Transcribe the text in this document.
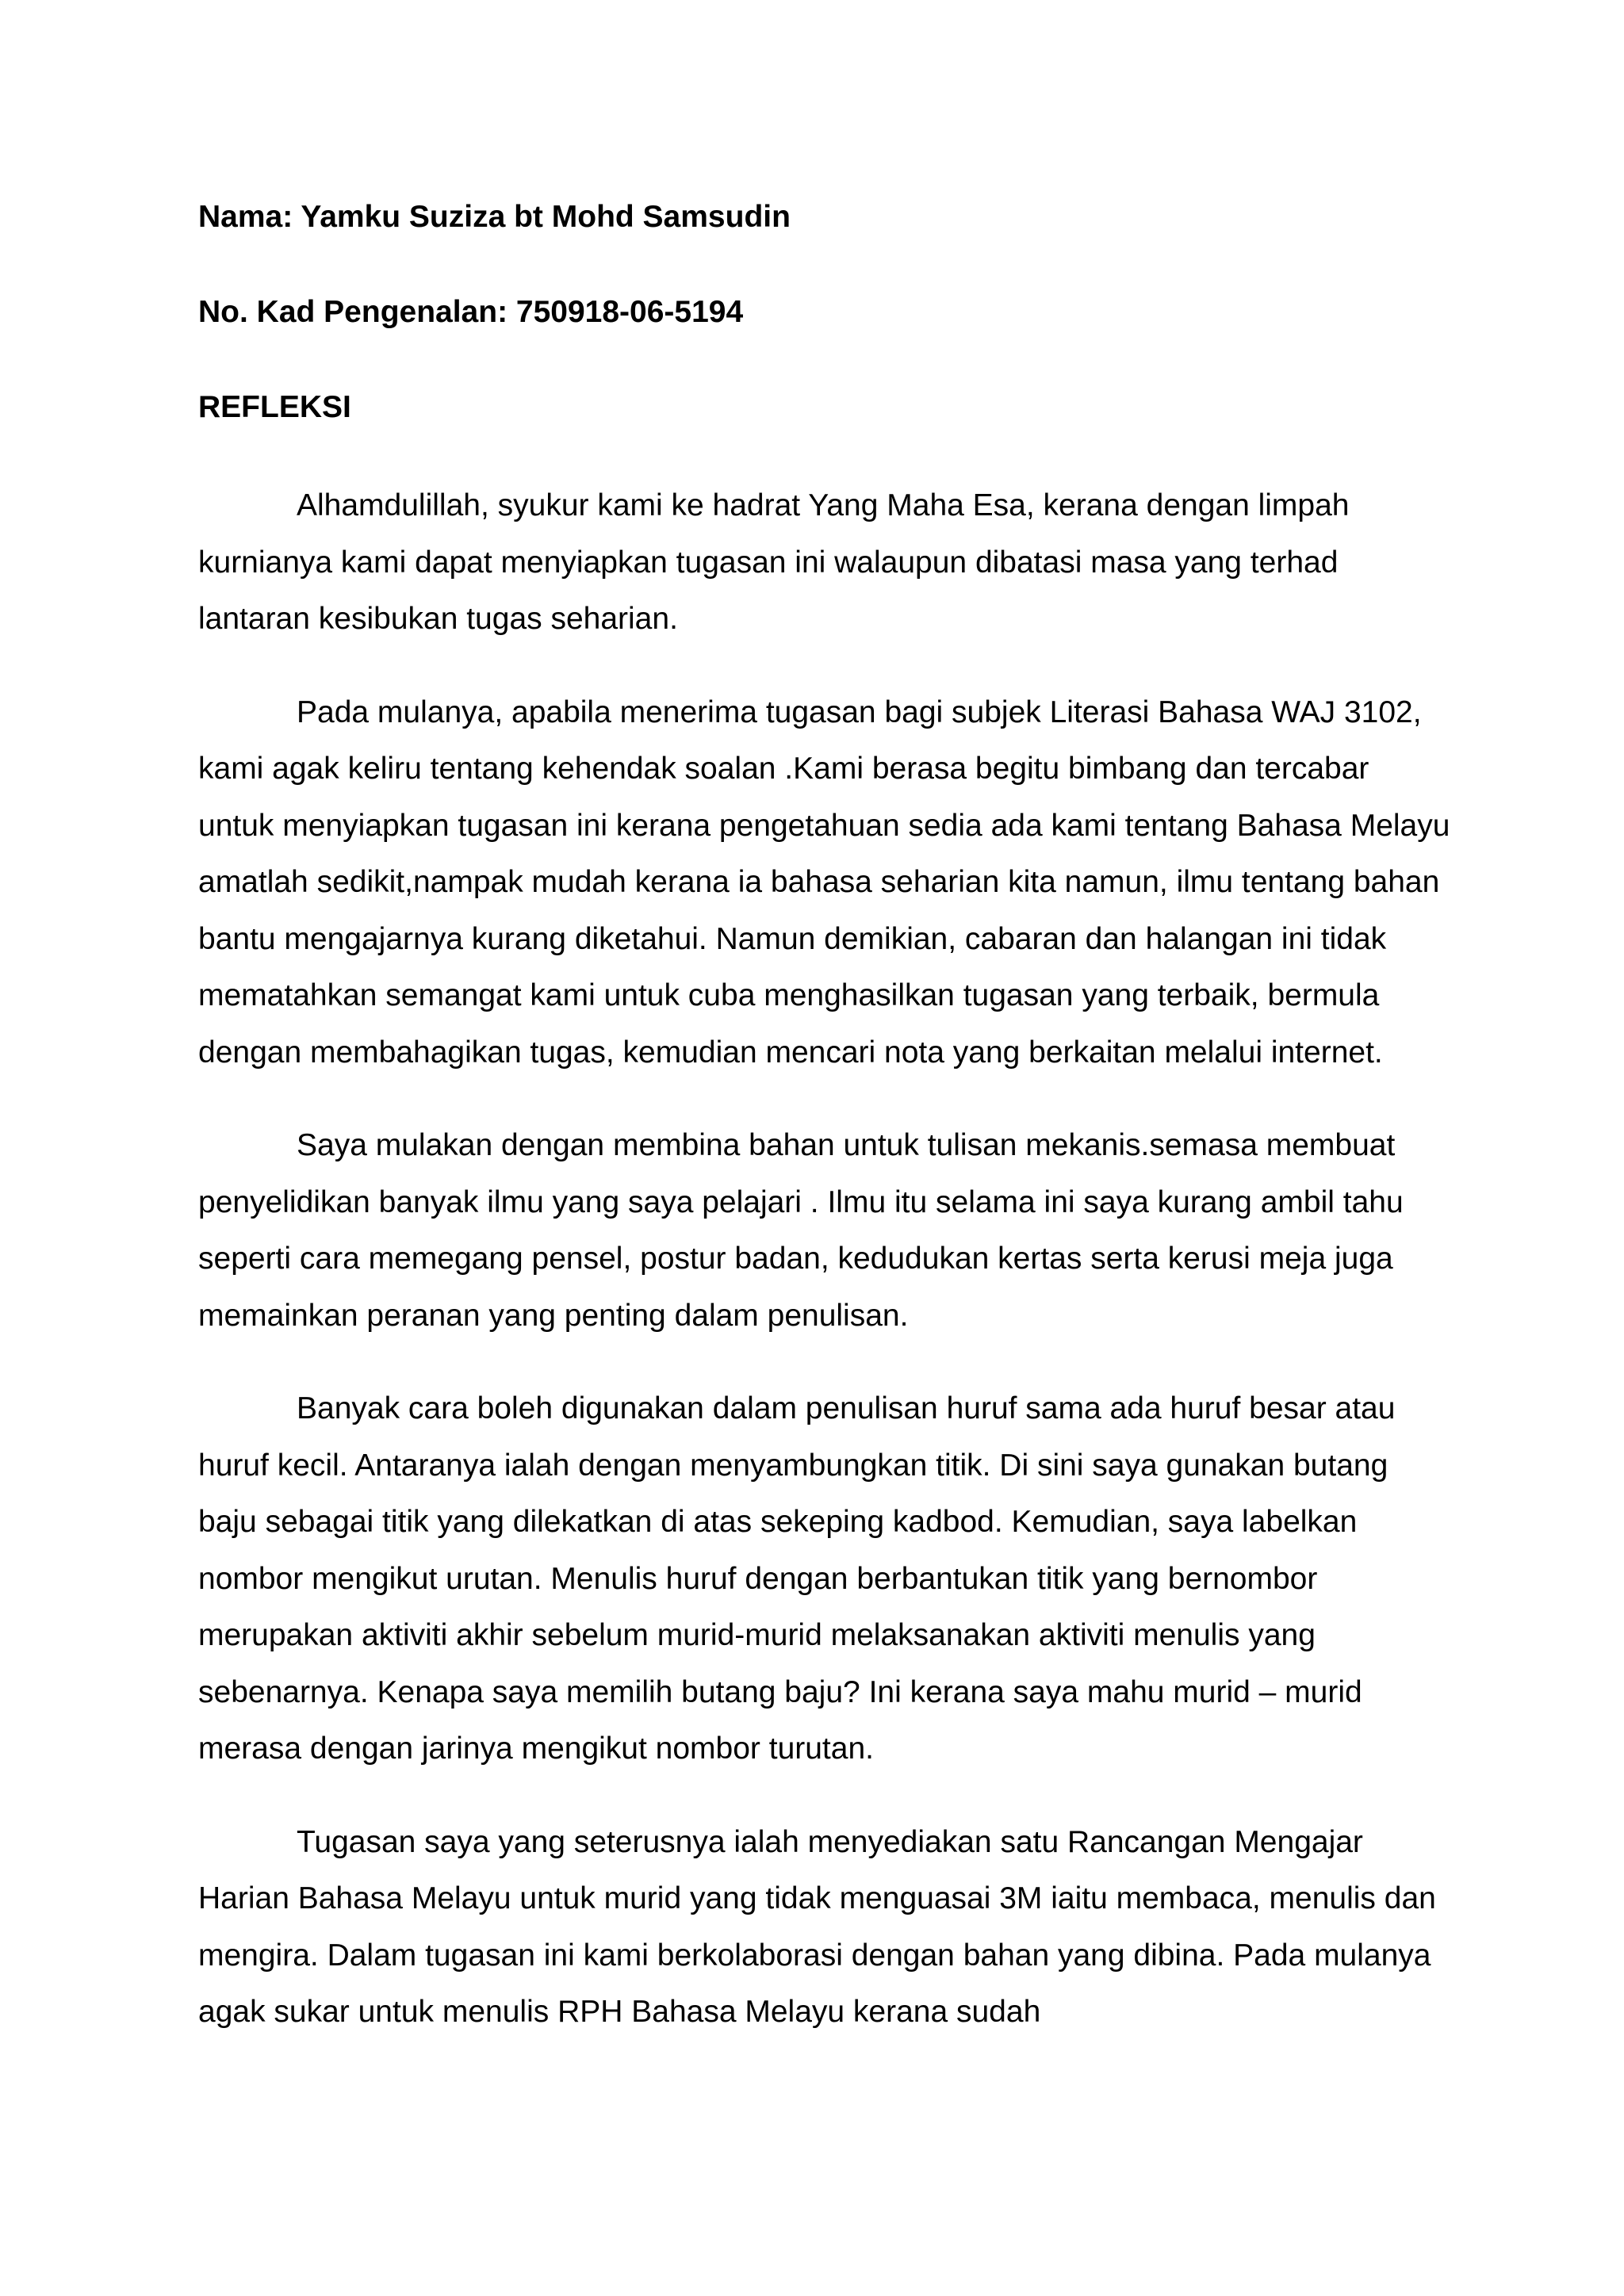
Nama: Yamku Suziza bt Mohd Samsudin
No. Kad Pengenalan: 750918-06-5194
REFLEKSI

Alhamdulillah, syukur kami ke hadrat Yang Maha Esa, kerana dengan limpah kurnianya kami dapat menyiapkan tugasan ini walaupun dibatasi masa yang terhad lantaran kesibukan tugas seharian.

Pada mulanya, apabila menerima tugasan bagi subjek Literasi Bahasa WAJ 3102, kami agak keliru tentang kehendak soalan .Kami berasa begitu bimbang dan tercabar untuk menyiapkan tugasan ini kerana pengetahuan sedia ada kami tentang Bahasa Melayu amatlah sedikit,nampak mudah kerana ia bahasa seharian kita namun, ilmu tentang bahan bantu mengajarnya kurang diketahui. Namun demikian, cabaran dan halangan ini tidak mematahkan semangat kami untuk cuba menghasilkan tugasan yang terbaik, bermula dengan membahagikan tugas, kemudian mencari nota yang berkaitan melalui internet.

Saya mulakan dengan membina bahan untuk tulisan mekanis.semasa membuat penyelidikan banyak ilmu yang saya pelajari . Ilmu itu selama ini saya kurang ambil tahu seperti cara memegang pensel, postur badan, kedudukan kertas serta kerusi meja juga memainkan peranan yang penting dalam penulisan.

Banyak cara boleh digunakan dalam penulisan huruf sama ada huruf besar atau huruf kecil. Antaranya ialah dengan menyambungkan titik. Di sini saya gunakan butang baju sebagai titik yang dilekatkan di atas sekeping kadbod. Kemudian, saya labelkan nombor mengikut urutan. Menulis huruf dengan berbantukan titik yang bernombor merupakan aktiviti akhir sebelum murid-murid melaksanakan aktiviti menulis yang sebenarnya. Kenapa saya memilih butang baju? Ini kerana saya mahu murid – murid merasa dengan jarinya mengikut nombor turutan.

Tugasan saya yang seterusnya ialah menyediakan satu Rancangan Mengajar Harian Bahasa Melayu untuk murid yang tidak menguasai 3M iaitu membaca, menulis dan mengira. Dalam tugasan ini kami berkolaborasi dengan bahan yang dibina. Pada mulanya agak sukar untuk menulis RPH Bahasa Melayu kerana sudah
